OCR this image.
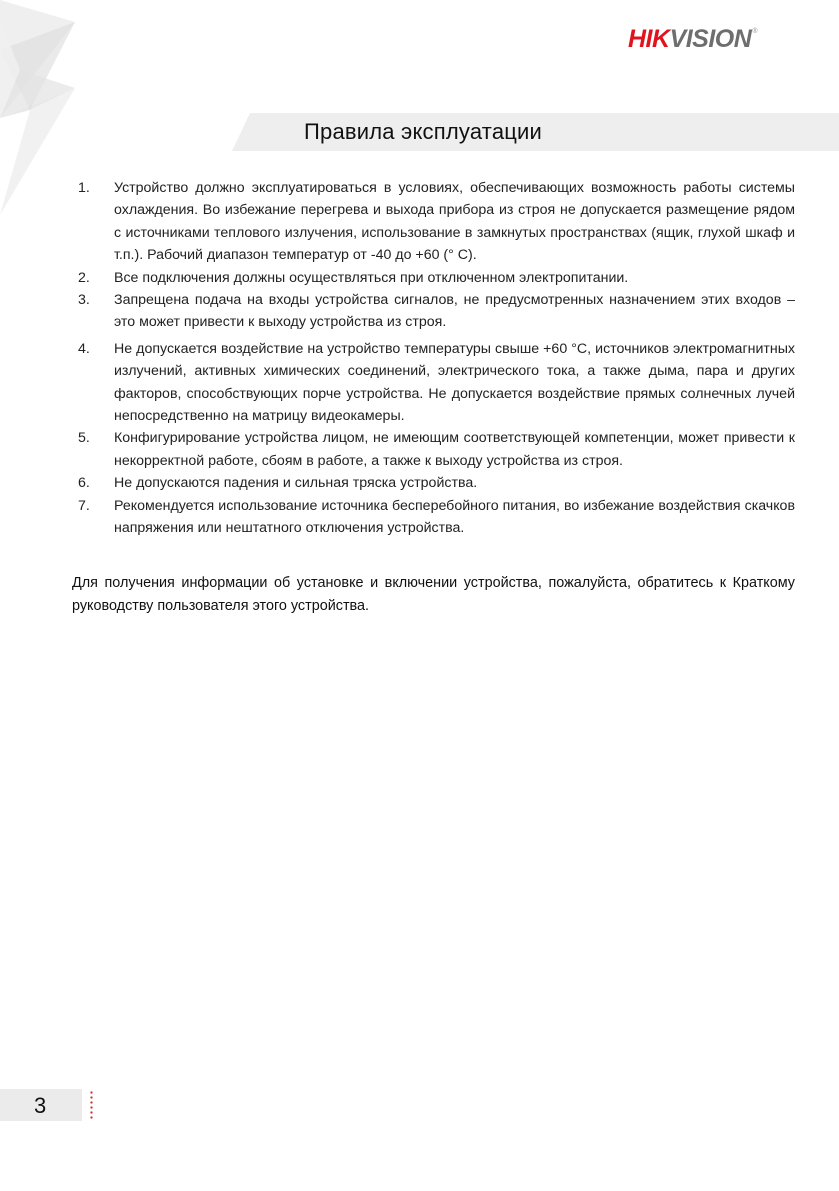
HIK VISION ®
Правила эксплуатации
1.	Устройство должно эксплуатироваться в условиях, обеспечивающих возможность работы системы охлаждения. Во избежание перегрева и выхода прибора из строя не допускается размещение рядом с источниками теплового излучения, использование в замкнутых пространствах (ящик, глухой шкаф и т.п.). Рабочий диапазон температур от -40 до +60 (° C).
2.	Все подключения должны осуществляться при отключенном электропитании.
3.	Запрещена подача на входы устройства сигналов, не предусмотренных назначением этих входов – это может привести к выходу устройства из строя.
4.	Не допускается воздействие на устройство температуры свыше +60 °C, источников электромагнитных излучений, активных химических соединений, электрического тока, а также дыма, пара и других факторов, способствующих порче устройства. Не допускается воздействие прямых солнечных лучей непосредственно на матрицу видеокамеры.
5.	Конфигурирование устройства лицом, не имеющим соответствующей компетенции, может привести к некорректной работе, сбоям в работе, а также к выходу устройства из строя.
6.	Не допускаются падения и сильная тряска устройства.
7.	Рекомендуется использование источника бесперебойного питания, во избежание воздействия скачков напряжения или нештатного отключения устройства.

Для получения информации об установке и включении устройства, пожалуйста, обратитесь к Краткому руководству пользователя этого устройства.

3
